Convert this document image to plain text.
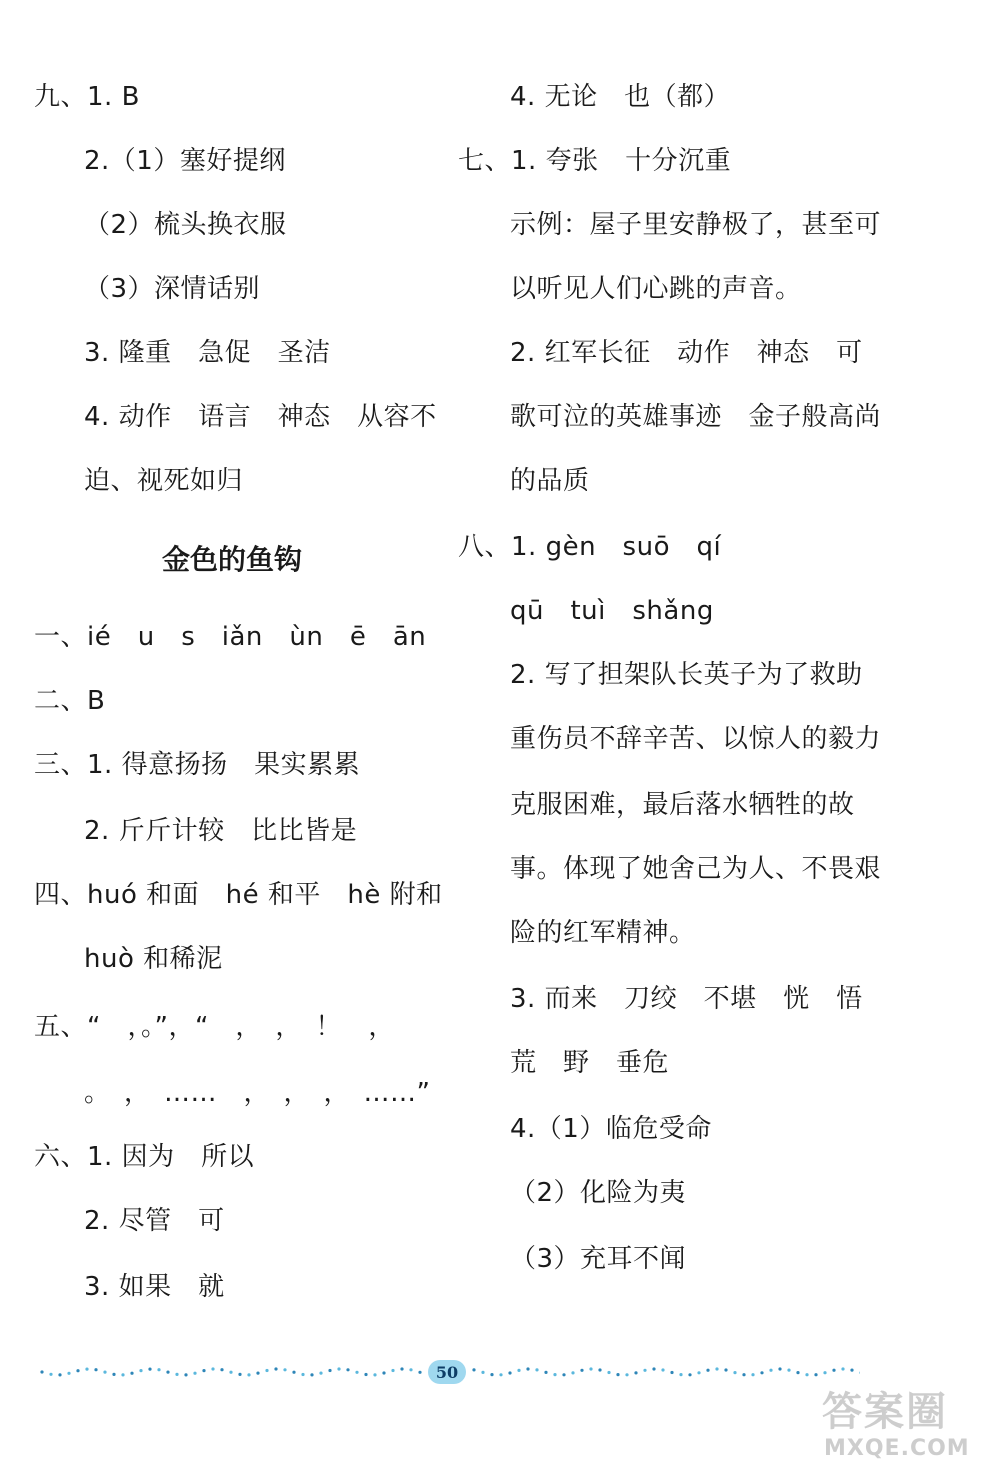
九、1. B
2.（1）塞好提纲
（2）梳头换衣服
（3）深情话别
3. 隆重　急促　圣洁
4. 动作　语言　神态　从容不
迫、视死如归
金色的鱼钩
一、ié　u　s　iǎn　ùn　ē　ān
二、B
三、1. 得意扬扬　果实累累
2. 斤斤计较　比比皆是
四、huó 和面　hé 和平　hè 附和
huò 和稀泥
五、“　，。”，“　，　，　！　，
。　，　……　，　，　，　……”
六、1. 因为　所以
2. 尽管　可
3. 如果　就
4. 无论　也（都）
七、1. 夸张　十分沉重
示例：屋子里安静极了，甚至可
以听见人们心跳的声音。
2. 红军长征　动作　神态　可
歌可泣的英雄事迹　金子般高尚
的品质
八、1. gèn　suō　qí
qū　tuì　shǎng
2. 写了担架队长英子为了救助
重伤员不辞辛苦、以惊人的毅力
克服困难，最后落水牺牲的故
事。体现了她舍己为人、不畏艰
险的红军精神。
3. 而来　刀绞　不堪　恍　悟
荒　野　垂危
4.（1）临危受命
（2）化险为夷
（3）充耳不闻
50
答案圈
MXQE.COM
